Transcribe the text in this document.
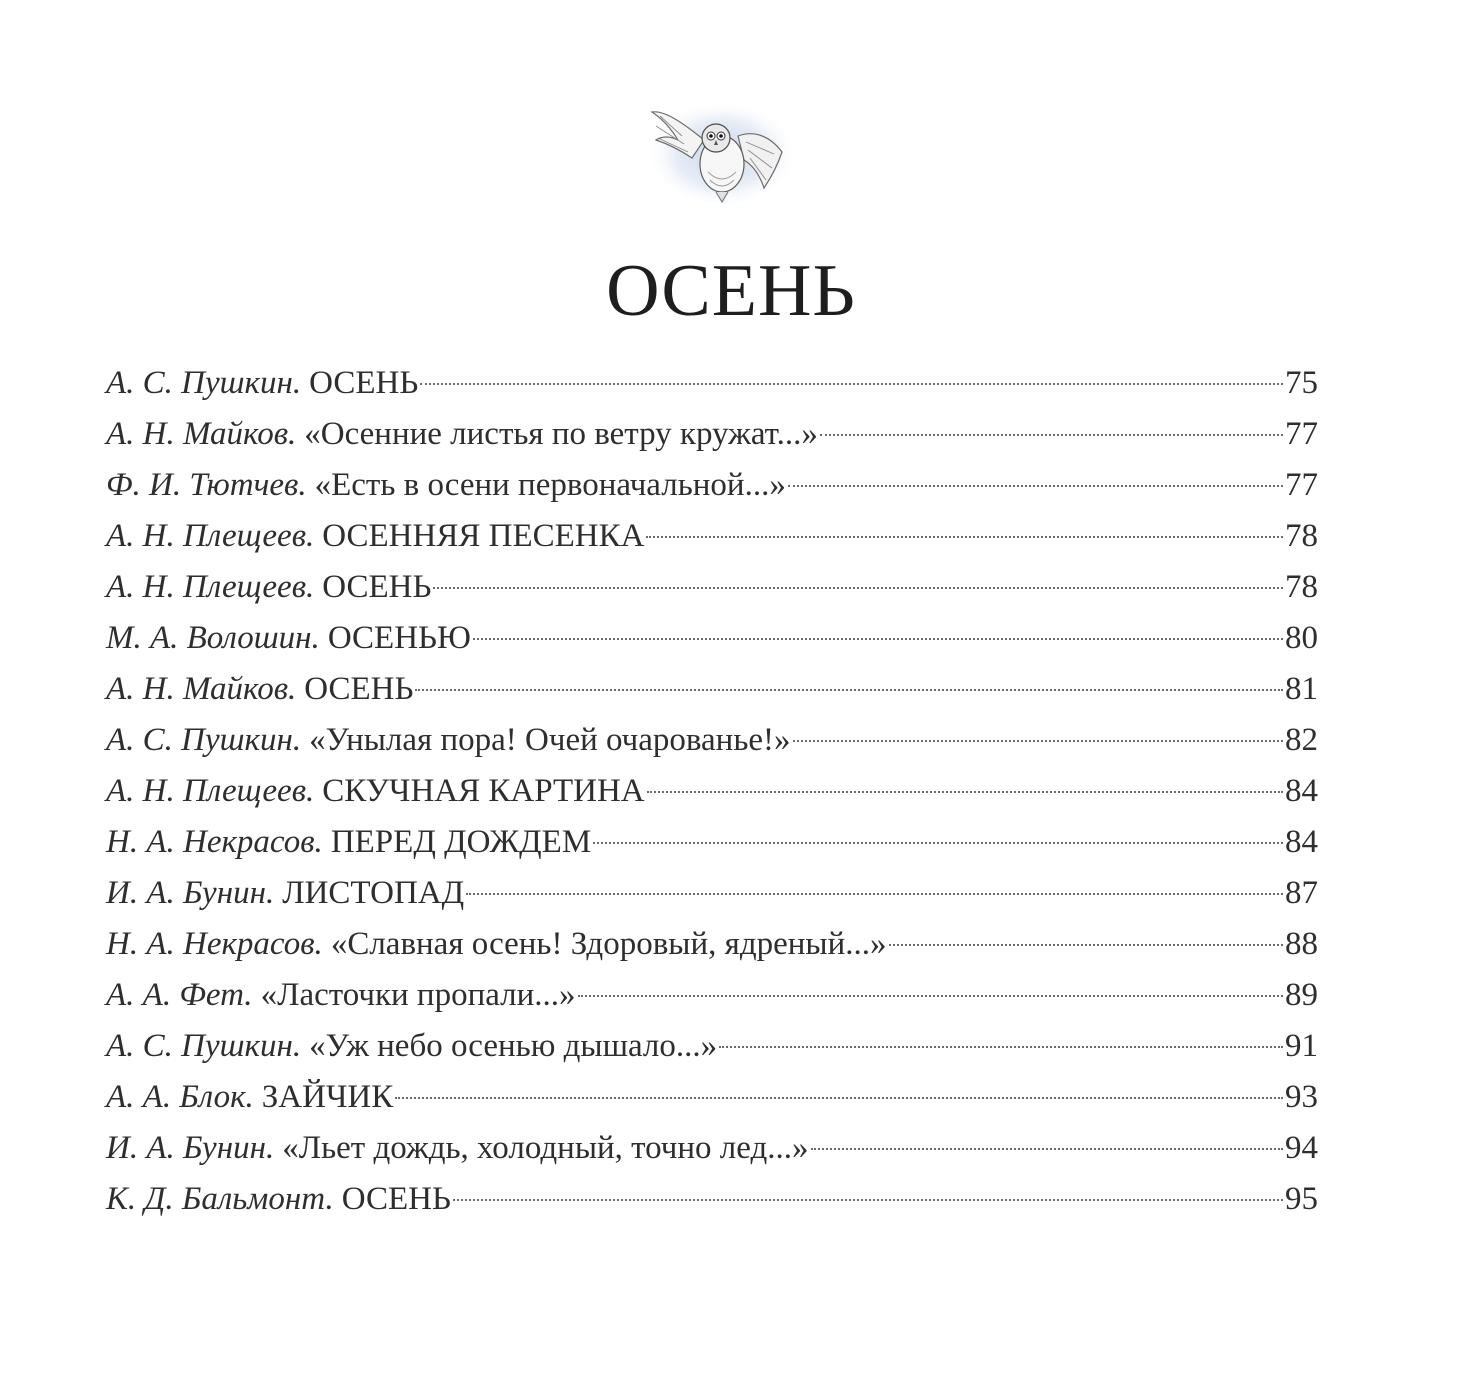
ОСЕНЬ
А. С. Пушкин. ОСЕНЬ	75
А. Н. Майков. «Осенние листья по ветру кружат...»	77
Ф. И. Тютчев. «Есть в осени первоначальной...»	77
А. Н. Плещеев. ОСЕННЯЯ ПЕСЕНКА	78
А. Н. Плещеев. ОСЕНЬ	78
М. А. Волошин. ОСЕНЬЮ	80
А. Н. Майков. ОСЕНЬ	81
А. С. Пушкин. «Унылая пора! Очей очарованье!»	82
А. Н. Плещеев. СКУЧНАЯ КАРТИНА	84
Н. А. Некрасов. ПЕРЕД ДОЖДЕМ	84
И. А. Бунин. ЛИСТОПАД	87
Н. А. Некрасов. «Славная осень! Здоровый, ядреный...»	88
А. А. Фет. «Ласточки пропали...»	89
А. С. Пушкин. «Уж небо осенью дышало...»	91
А. А. Блок. ЗАЙЧИК	93
И. А. Бунин. «Льет дождь, холодный, точно лед...»	94
К. Д. Бальмонт. ОСЕНЬ	95
